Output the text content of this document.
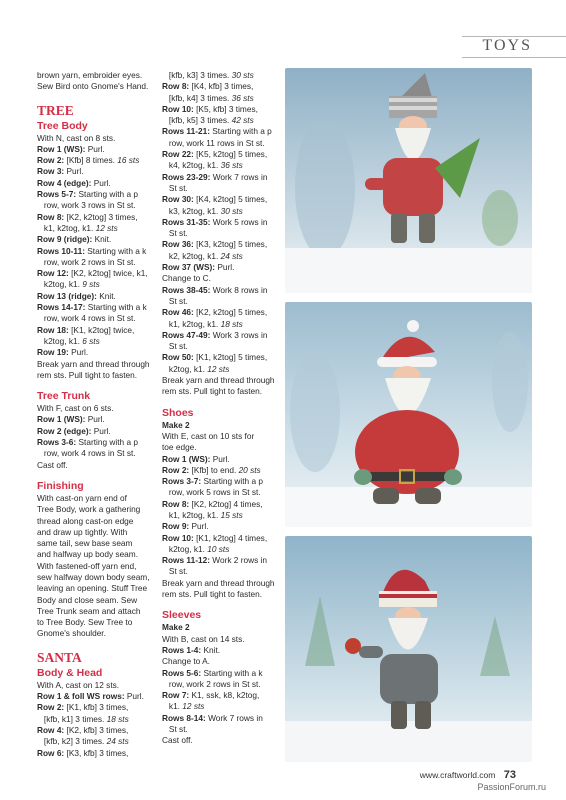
TOYS
brown yarn, embroider eyes.
Sew Bird onto Gnome's Hand.
TREE
Tree Body
With N, cast on 8 sts.
Row 1 (WS): Purl.
Row 2: [Kfb] 8 times. 16 sts
Row 3: Purl.
Row 4 (edge): Purl.
Rows 5-7: Starting with a p
row, work 3 rows in St st.
Row 8: [K2, k2tog] 3 times,
k1, k2tog, k1. 12 sts
Row 9 (ridge): Knit.
Rows 10-11: Starting with a k
row, work 2 rows in St st.
Row 12: [K2, k2tog] twice, k1,
k2tog, k1. 9 sts
Row 13 (ridge): Knit.
Rows 14-17: Starting with a k
row, work 4 rows in St st.
Row 18: [K1, k2tog] twice,
k2tog, k1. 6 sts
Row 19: Purl.
Break yarn and thread through
rem sts. Pull tight to fasten.
Tree Trunk
With F, cast on 6 sts.
Row 1 (WS): Purl.
Row 2 (edge): Purl.
Rows 3-6: Starting with a p
row, work 4 rows in St st.
Cast off.
Finishing
With cast-on yarn end of
Tree Body, work a gathering
thread along cast-on edge
and draw up tightly. With
same tail, sew base seam
and halfway up body seam.
With fastened-off yarn end,
sew halfway down body seam,
leaving an opening. Stuff Tree
Body and close seam. Sew
Tree Trunk seam and attach
to Tree Body. Sew Tree to
Gnome's shoulder.
SANTA
Body & Head
With A, cast on 12 sts.
Row 1 & foll WS rows: Purl.
Row 2: [K1, kfb] 3 times,
[kfb, k1] 3 times. 18 sts
Row 4: [K2, kfb] 3 times,
[kfb, k2] 3 times. 24 sts
Row 6: [K3, kfb] 3 times,
[kfb, k3] 3 times. 30 sts
Row 8: [K4, kfb] 3 times,
[kfb, k4] 3 times. 36 sts
Row 10: [K5, kfb] 3 times,
[kfb, k5] 3 times. 42 sts
Rows 11-21: Starting with a p
row, work 11 rows in St st.
Row 22: [K5, k2tog] 5 times,
k4, k2tog, k1. 36 sts
Rows 23-29: Work 7 rows in
St st.
Row 30: [K4, k2tog] 5 times,
k3, k2tog, k1. 30 sts
Rows 31-35: Work 5 rows in
St st.
Row 36: [K3, k2tog] 5 times,
k2, k2tog, k1. 24 sts
Row 37 (WS): Purl.
Change to C.
Rows 38-45: Work 8 rows in
St st.
Row 46: [K2, k2tog] 5 times,
k1, k2tog, k1. 18 sts
Rows 47-49: Work 3 rows in
St st.
Row 50: [K1, k2tog] 5 times,
k2tog, k1. 12 sts
Break yarn and thread through
rem sts. Pull tight to fasten.
Shoes
Make 2
With E, cast on 10 sts for
toe edge.
Row 1 (WS): Purl.
Row 2: [Kfb] to end. 20 sts
Rows 3-7: Starting with a p
row, work 5 rows in St st.
Row 8: [K2, k2tog] 4 times,
k1, k2tog, k1. 15 sts
Row 9: Purl.
Row 10: [K1, k2tog] 4 times,
k2tog, k1. 10 sts
Rows 11-12: Work 2 rows in
St st.
Break yarn and thread through
rem sts. Pull tight to fasten.
Sleeves
Make 2
With B, cast on 14 sts.
Rows 1-4: Knit.
Change to A.
Rows 5-6: Starting with a k
row, work 2 rows in St st.
Row 7: K1, ssk, k8, k2tog,
k1. 12 sts
Rows 8-14: Work 7 rows in
St st.
Cast off.
www.craftworld.com 73
PassionForum.ru
